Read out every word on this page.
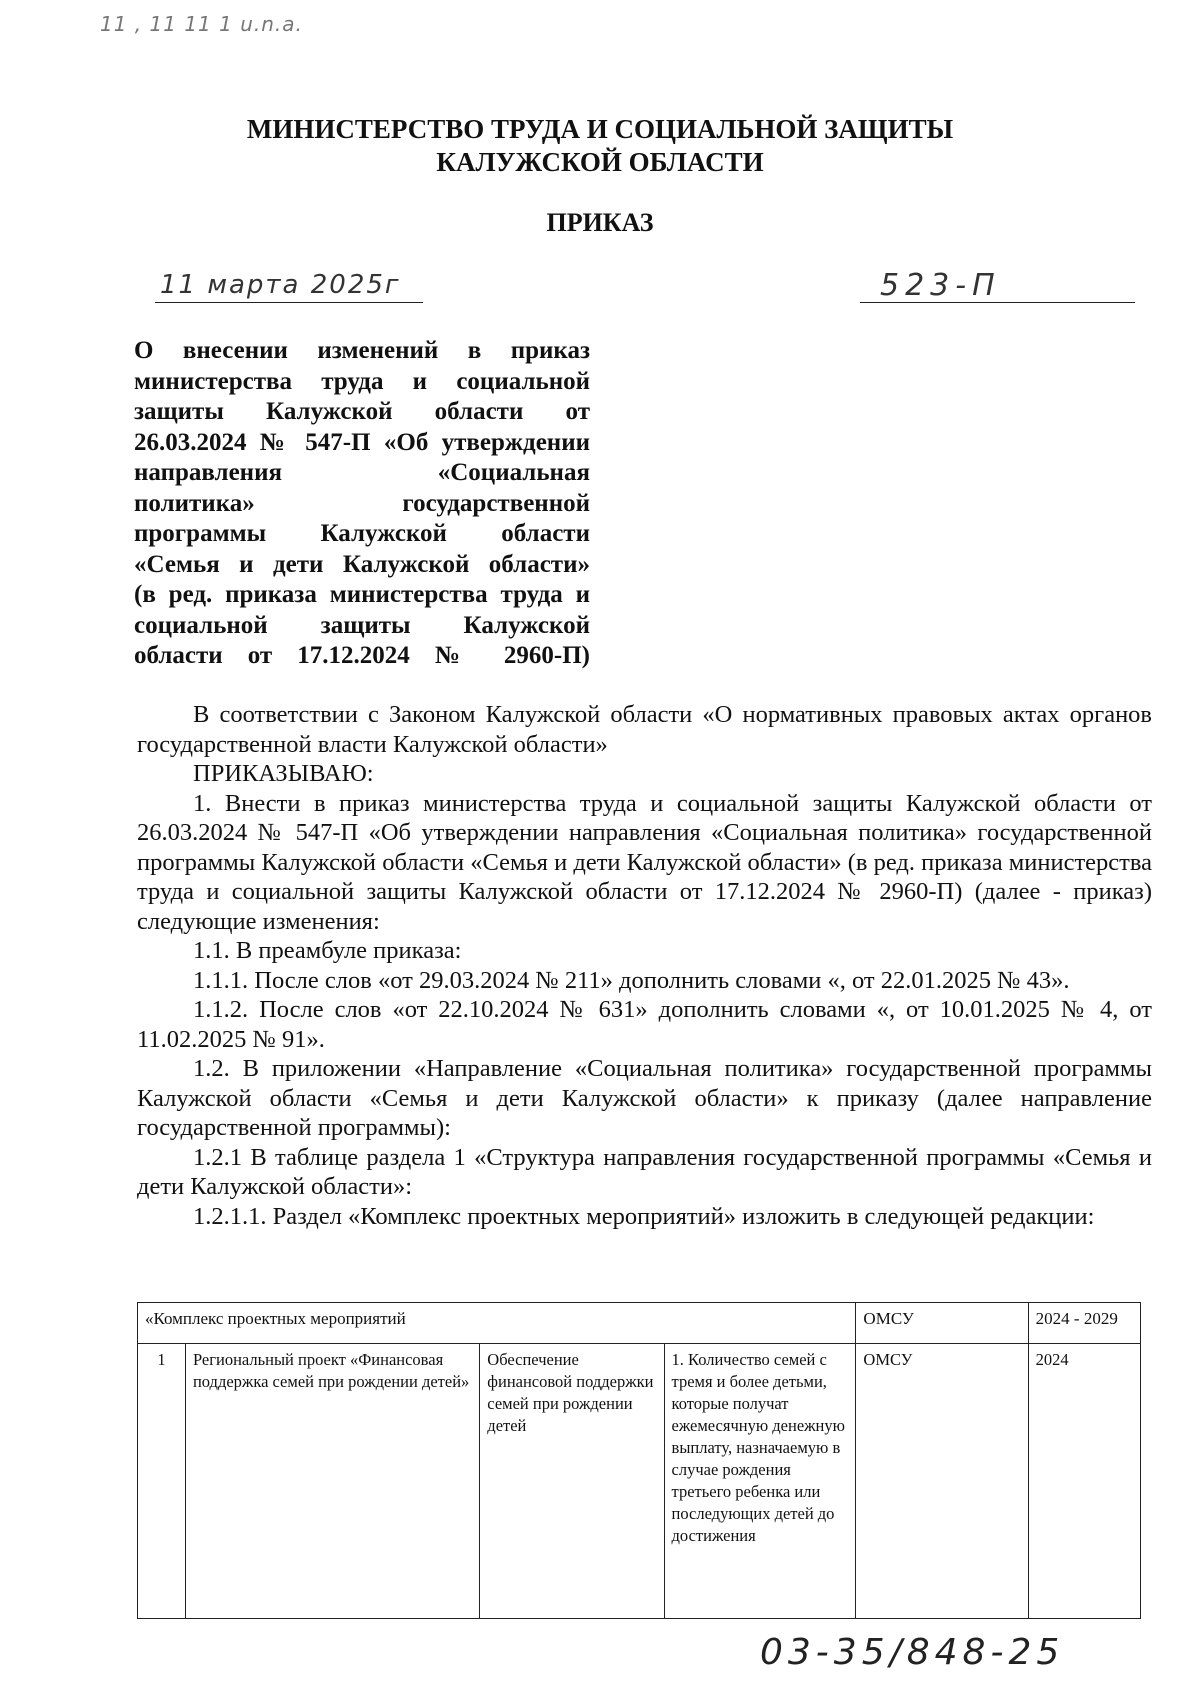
11 , 11 11 1 u.n.a.
МИНИСТЕРСТВО ТРУДА И СОЦИАЛЬНОЙ ЗАЩИТЫ
КАЛУЖСКОЙ ОБЛАСТИ
ПРИКАЗ
11 марта 2025г	523-П
О внесении изменений в приказ
министерства труда и социальной
защиты Калужской области от
26.03.2024 № 547-П «Об утверждении
направления «Социальная
политика» государственной
программы Калужской области
«Семья и дети Калужской области»
(в ред. приказа министерства труда и
социальной защиты Калужской
области от 17.12.2024 № 2960-П)

В соответствии с Законом Калужской области «О нормативных правовых актах органов государственной власти Калужской области»

ПРИКАЗЫВАЮ:

1. Внести в приказ министерства труда и социальной защиты Калужской области от 26.03.2024 № 547-П «Об утверждении направления «Социальная политика» государственной программы Калужской области «Семья и дети Калужской области» (в ред. приказа министерства труда и социальной защиты Калужской области от 17.12.2024 № 2960-П) (далее - приказ) следующие изменения:

1.1. В преамбуле приказа:

1.1.1. После слов «от 29.03.2024 № 211» дополнить словами «, от 22.01.2025 № 43».

1.1.2. После слов «от 22.10.2024 № 631» дополнить словами «, от 10.01.2025 № 4, от 11.02.2025 № 91».

1.2. В приложении «Направление «Социальная политика» государственной программы Калужской области «Семья и дети Калужской области» к приказу (далее направление государственной программы):

1.2.1 В таблице раздела 1 «Структура направления государственной программы «Семья и дети Калужской области»:

1.2.1.1. Раздел «Комплекс проектных мероприятий» изложить в следующей редакции:

«Комплекс проектных мероприятий				ОМСУ	2024 - 2029
1	Региональный проект «Финансовая поддержка семей при рождении детей»	Обеспечение финансовой поддержки семей при рождении детей	1. Количество семей с тремя и более детьми, которые получат ежемесячную денежную выплату, назначаемую в случае рождения третьего ребенка или последующих детей до достижения	ОМСУ	2024
03-35/848-25
